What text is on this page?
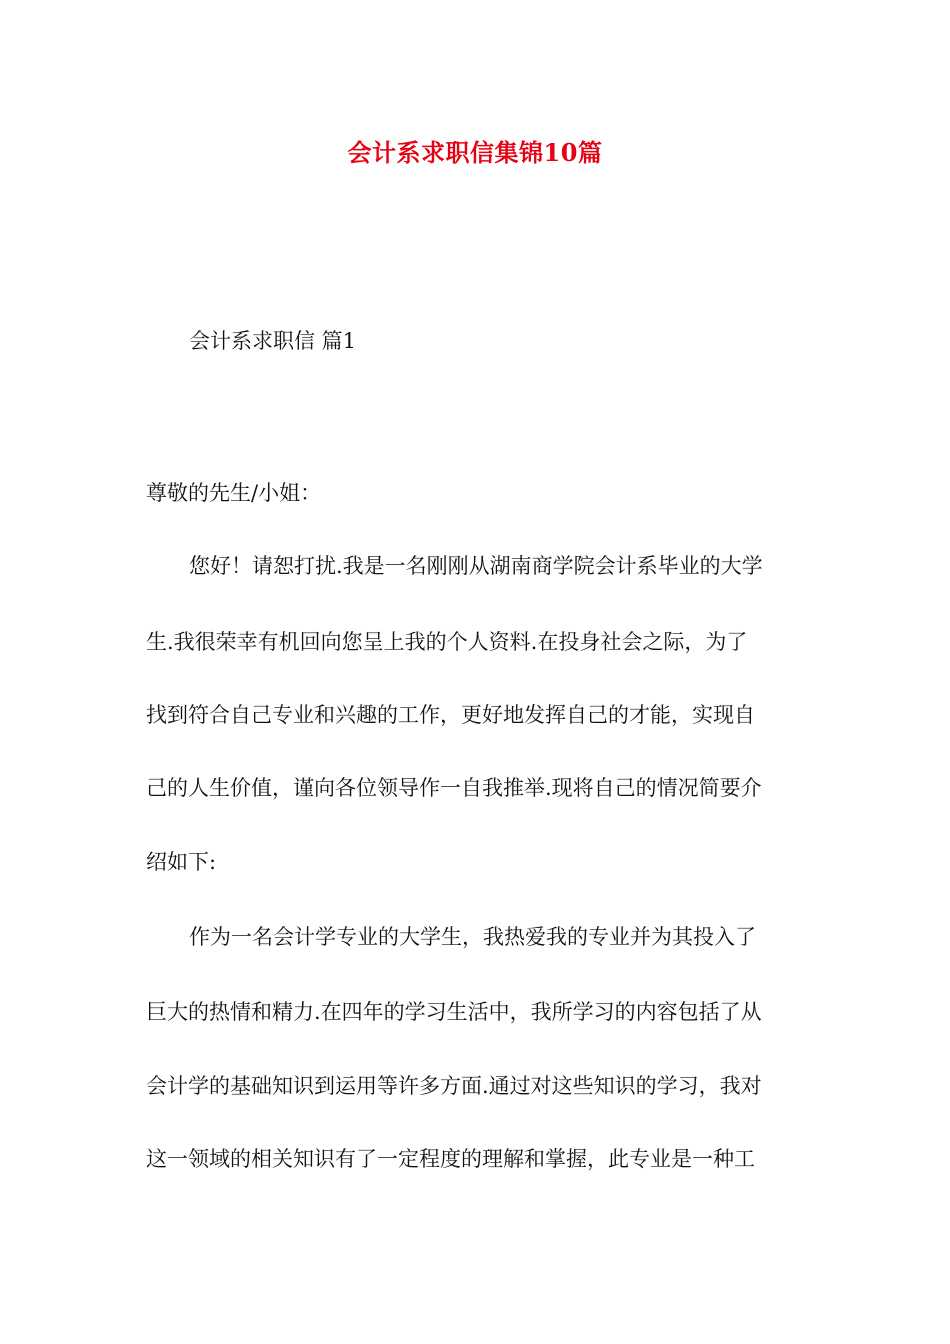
会计系求职信集锦10篇
会计系求职信 篇1
尊敬的先生/小姐：
您好！请恕打扰.我是一名刚刚从湖南商学院会计系毕业的大学
生.我很荣幸有机回向您呈上我的个人资料.在投身社会之际，为了
找到符合自己专业和兴趣的工作，更好地发挥自己的才能，实现自
己的人生价值，谨向各位领导作一自我推举.现将自己的情况简要介
绍如下:
作为一名会计学专业的大学生，我热爱我的专业并为其投入了
巨大的热情和精力.在四年的学习生活中，我所学习的内容包括了从
会计学的基础知识到运用等许多方面.通过对这些知识的学习，我对
这一领域的相关知识有了一定程度的理解和掌握，此专业是一种工
